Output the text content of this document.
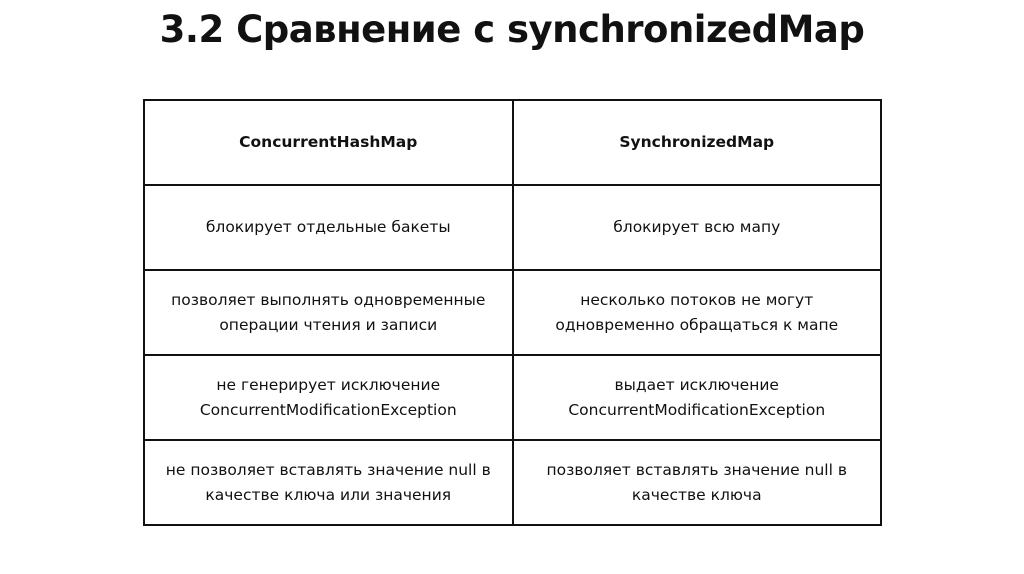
3.2 Сравнение с synchronizedMap
ConcurrentHashMap	SynchronizedMap
блокирует отдельные бакеты	блокирует всю мапу
позволяет выполнять одновременные операции чтения и записи	несколько потоков не могут одновременно обращаться к мапе
не генерирует исключение ConcurrentModificationException	выдает исключение ConcurrentModificationException
не позволяет вставлять значение null в качестве ключа или значения	позволяет вставлять значение null в качестве ключа
